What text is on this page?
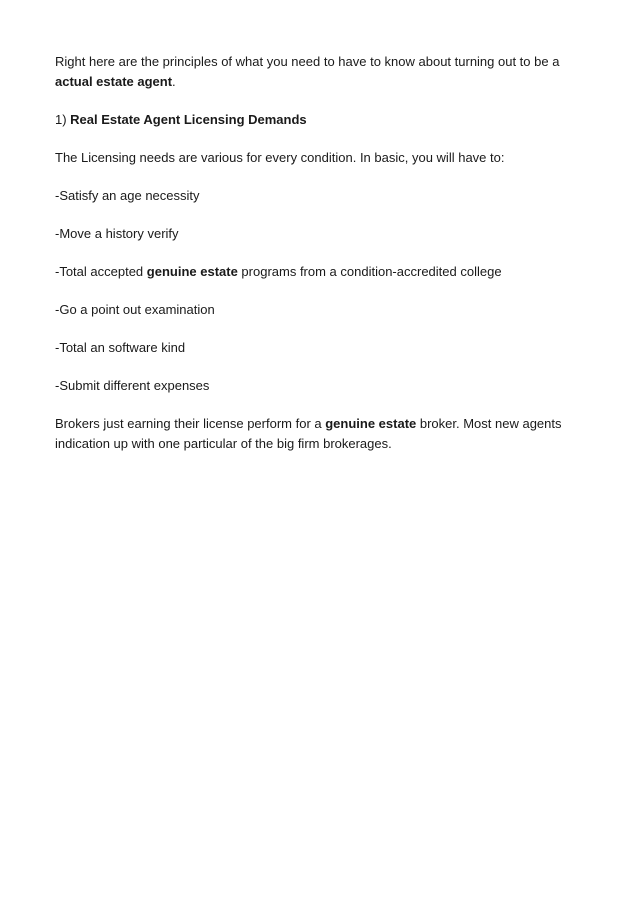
Right here are the principles of what you need to have to know about turning out to be a actual estate agent.

1) Real Estate Agent Licensing Demands

The Licensing needs are various for every condition. In basic, you will have to:

-Satisfy an age necessity

-Move a history verify

-Total accepted genuine estate programs from a condition-accredited college

-Go a point out examination

-Total an software kind

-Submit different expenses

Brokers just earning their license perform for a genuine estate broker. Most new agents indication up with one particular of the big firm brokerages.
